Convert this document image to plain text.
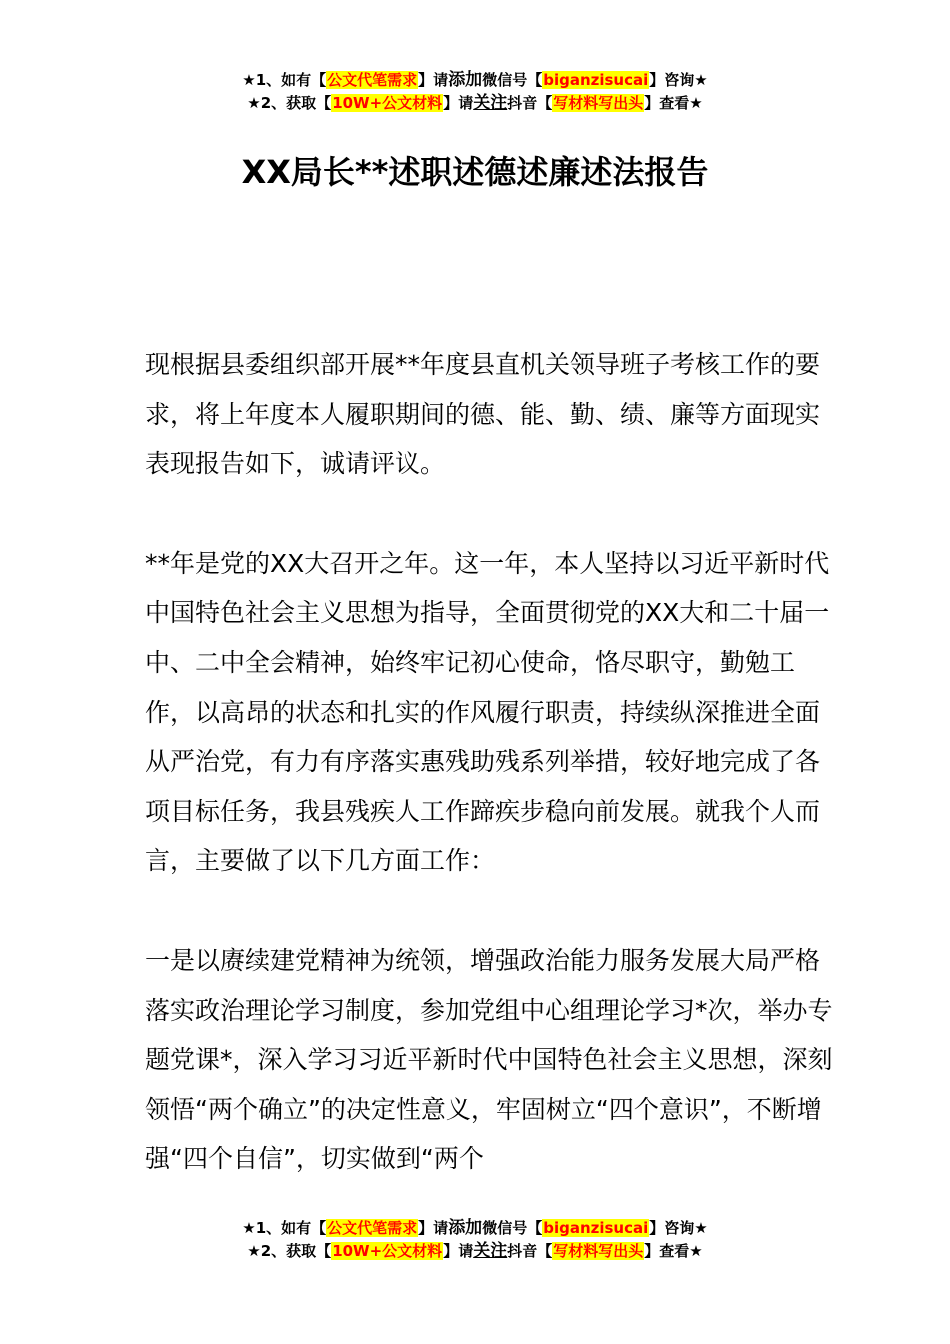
★1、如有【公文代笔需求】请添加微信号【biganzisucai】咨询★
★2、获取【10W+公文材料】请关注抖音【写材料写出头】查看★
XX局长**述职述德述廉述法报告

现根据县委组织部开展**年度县直机关领导班子考核工作的要求，将上年度本人履职期间的德、能、勤、绩、廉等方面现实表现报告如下，诚请评议。

**年是党的XX大召开之年。这一年，本人坚持以习近平新时代中国特色社会主义思想为指导，全面贯彻党的XX大和二十届一中、二中全会精神，始终牢记初心使命，恪尽职守，勤勉工作，以高昂的状态和扎实的作风履行职责，持续纵深推进全面从严治党，有力有序落实惠残助残系列举措，较好地完成了各项目标任务，我县残疾人工作蹄疾步稳向前发展。就我个人而言，主要做了以下几方面工作：

一是以赓续建党精神为统领，增强政治能力服务发展大局严格落实政治理论学习制度，参加党组中心组理论学习*次，举办专题党课*，深入学习习近平新时代中国特色社会主义思想，深刻领悟“两个确立”的决定性意义，牢固树立“四个意识”，不断增强“四个自信”，切实做到“两个

★1、如有【公文代笔需求】请添加微信号【biganzisucai】咨询★
★2、获取【10W+公文材料】请关注抖音【写材料写出头】查看★
